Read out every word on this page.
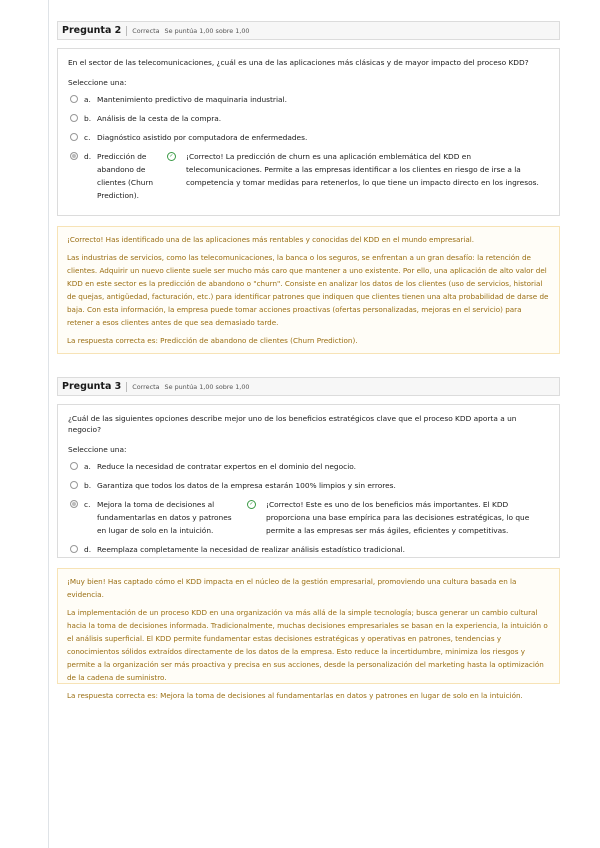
Pregunta 2 Correcta Se puntúa 1,00 sobre 1,00

En el sector de las telecomunicaciones, ¿cuál es una de las aplicaciones más clásicas y de mayor impacto del proceso KDD?

Seleccione una:
a. Mantenimiento predictivo de maquinaria industrial.
b. Análisis de la cesta de la compra.
c. Diagnóstico asistido por computadora de enfermedades.
d. Predicción de abandono de clientes (Churn Prediction).
✓	¡Correcto! La predicción de churn es una aplicación emblemática del KDD en telecomunicaciones. Permite a las empresas identificar a los clientes en riesgo de irse a la competencia y tomar medidas para retenerlos, lo que tiene un impacto directo en los ingresos.

¡Correcto! Has identificado una de las aplicaciones más rentables y conocidas del KDD en el mundo empresarial.

Las industrias de servicios, como las telecomunicaciones, la banca o los seguros, se enfrentan a un gran desafío: la retención de clientes. Adquirir un nuevo cliente suele ser mucho más caro que mantener a uno existente. Por ello, una aplicación de alto valor del KDD en este sector es la predicción de abandono o "churn". Consiste en analizar los datos de los clientes (uso de servicios, historial de quejas, antigüedad, facturación, etc.) para identificar patrones que indiquen que clientes tienen una alta probabilidad de darse de baja. Con esta información, la empresa puede tomar acciones proactivas (ofertas personalizadas, mejoras en el servicio) para retener a esos clientes antes de que sea demasiado tarde.

La respuesta correcta es: Predicción de abandono de clientes (Churn Prediction).

Pregunta 3 Correcta Se puntúa 1,00 sobre 1,00

¿Cuál de las siguientes opciones describe mejor uno de los beneficios estratégicos clave que el proceso KDD aporta a un negocio?

Seleccione una:
a. Reduce la necesidad de contratar expertos en el dominio del negocio.
b. Garantiza que todos los datos de la empresa estarán 100% limpios y sin errores.
c. Mejora la toma de decisiones al fundamentarlas en datos y patrones en lugar de solo en la intuición.
✓	¡Correcto! Este es uno de los beneficios más importantes. El KDD proporciona una base empírica para las decisiones estratégicas, lo que permite a las empresas ser más ágiles, eficientes y competitivas.
d. Reemplaza completamente la necesidad de realizar análisis estadístico tradicional.

¡Muy bien! Has captado cómo el KDD impacta en el núcleo de la gestión empresarial, promoviendo una cultura basada en la evidencia.

La implementación de un proceso KDD en una organización va más allá de la simple tecnología; busca generar un cambio cultural hacia la toma de decisiones informada. Tradicionalmente, muchas decisiones empresariales se basan en la experiencia, la intuición o el análisis superficial. El KDD permite fundamentar estas decisiones estratégicas y operativas en patrones, tendencias y conocimientos sólidos extraídos directamente de los datos de la empresa. Esto reduce la incertidumbre, minimiza los riesgos y permite a la organización ser más proactiva y precisa en sus acciones, desde la personalización del marketing hasta la optimización de la cadena de suministro.

La respuesta correcta es: Mejora la toma de decisiones al fundamentarlas en datos y patrones en lugar de solo en la intuición.
